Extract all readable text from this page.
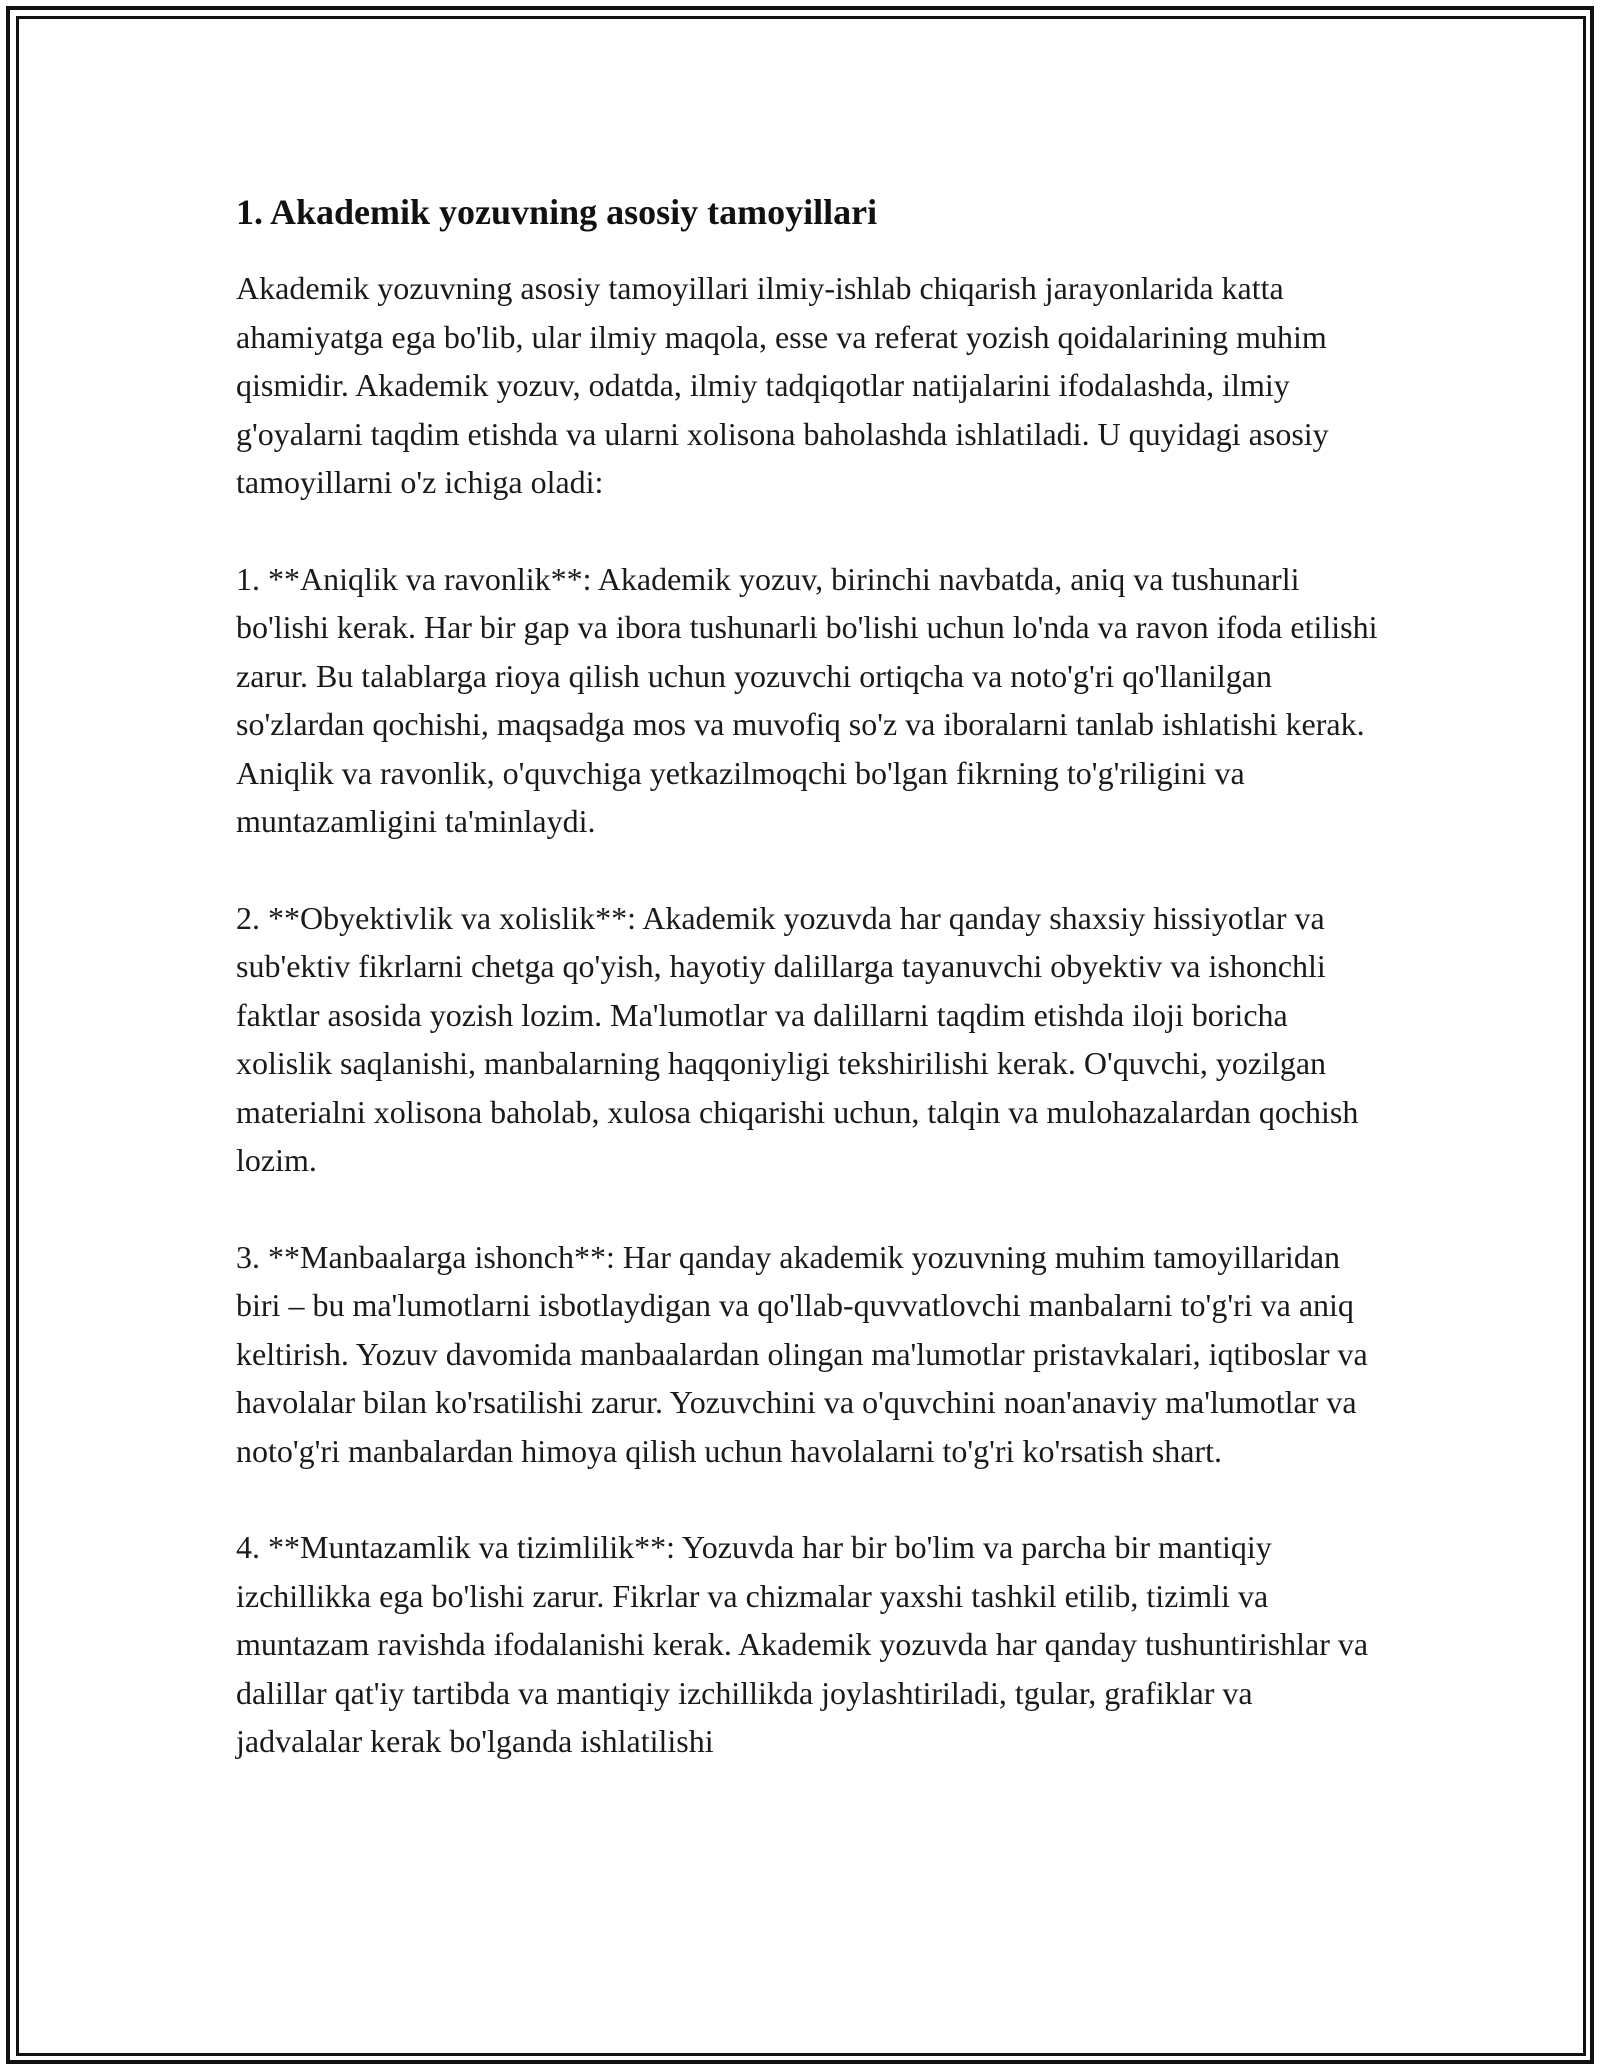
1. Akademik yozuvning asosiy tamoyillari

Akademik yozuvning asosiy tamoyillari ilmiy-ishlab chiqarish jarayonlarida katta ahamiyatga ega bo'lib, ular ilmiy maqola, esse va referat yozish qoidalarining muhim qismidir. Akademik yozuv, odatda, ilmiy tadqiqotlar natijalarini ifodalashda, ilmiy g'oyalarni taqdim etishda va ularni xolisona baholashda ishlatiladi. U quyidagi asosiy tamoyillarni o'z ichiga oladi:

1. **Aniqlik va ravonlik**: Akademik yozuv, birinchi navbatda, aniq va tushunarli bo'lishi kerak. Har bir gap va ibora tushunarli bo'lishi uchun lo'nda va ravon ifoda etilishi zarur. Bu talablarga rioya qilish uchun yozuvchi ortiqcha va noto'g'ri qo'llanilgan so'zlardan qochishi, maqsadga mos va muvofiq so'z va iboralarni tanlab ishlatishi kerak. Aniqlik va ravonlik, o'quvchiga yetkazilmoqchi bo'lgan fikrning to'g'riligini va muntazamligini ta'minlaydi.

2. **Obyektivlik va xolislik**: Akademik yozuvda har qanday shaxsiy hissiyotlar va sub'ektiv fikrlarni chetga qo'yish, hayotiy dalillarga tayanuvchi obyektiv va ishonchli faktlar asosida yozish lozim. Ma'lumotlar va dalillarni taqdim etishda iloji boricha xolislik saqlanishi, manbalarning haqqoniyligi tekshirilishi kerak. O'quvchi, yozilgan materialni xolisona baholab, xulosa chiqarishi uchun, talqin va mulohazalardan qochish lozim.

3. **Manbaalarga ishonch**: Har qanday akademik yozuvning muhim tamoyillaridan biri – bu ma'lumotlarni isbotlaydigan va qo'llab-quvvatlovchi manbalarni to'g'ri va aniq keltirish. Yozuv davomida manbaalardan olingan ma'lumotlar pristavkalari, iqtiboslar va havolalar bilan ko'rsatilishi zarur. Yozuvchini va o'quvchini noan'anaviy ma'lumotlar va noto'g'ri manbalardan himoya qilish uchun havolalarni to'g'ri ko'rsatish shart.

4. **Muntazamlik va tizimlilik**: Yozuvda har bir bo'lim va parcha bir mantiqiy izchillikka ega bo'lishi zarur. Fikrlar va chizmalar yaxshi tashkil etilib, tizimli va muntazam ravishda ifodalanishi kerak. Akademik yozuvda har qanday tushuntirishlar va dalillar qat'iy tartibda va mantiqiy izchillikda joylashtiriladi, tgular, grafiklar va jadvalalar kerak bo'lganda ishlatilishi
